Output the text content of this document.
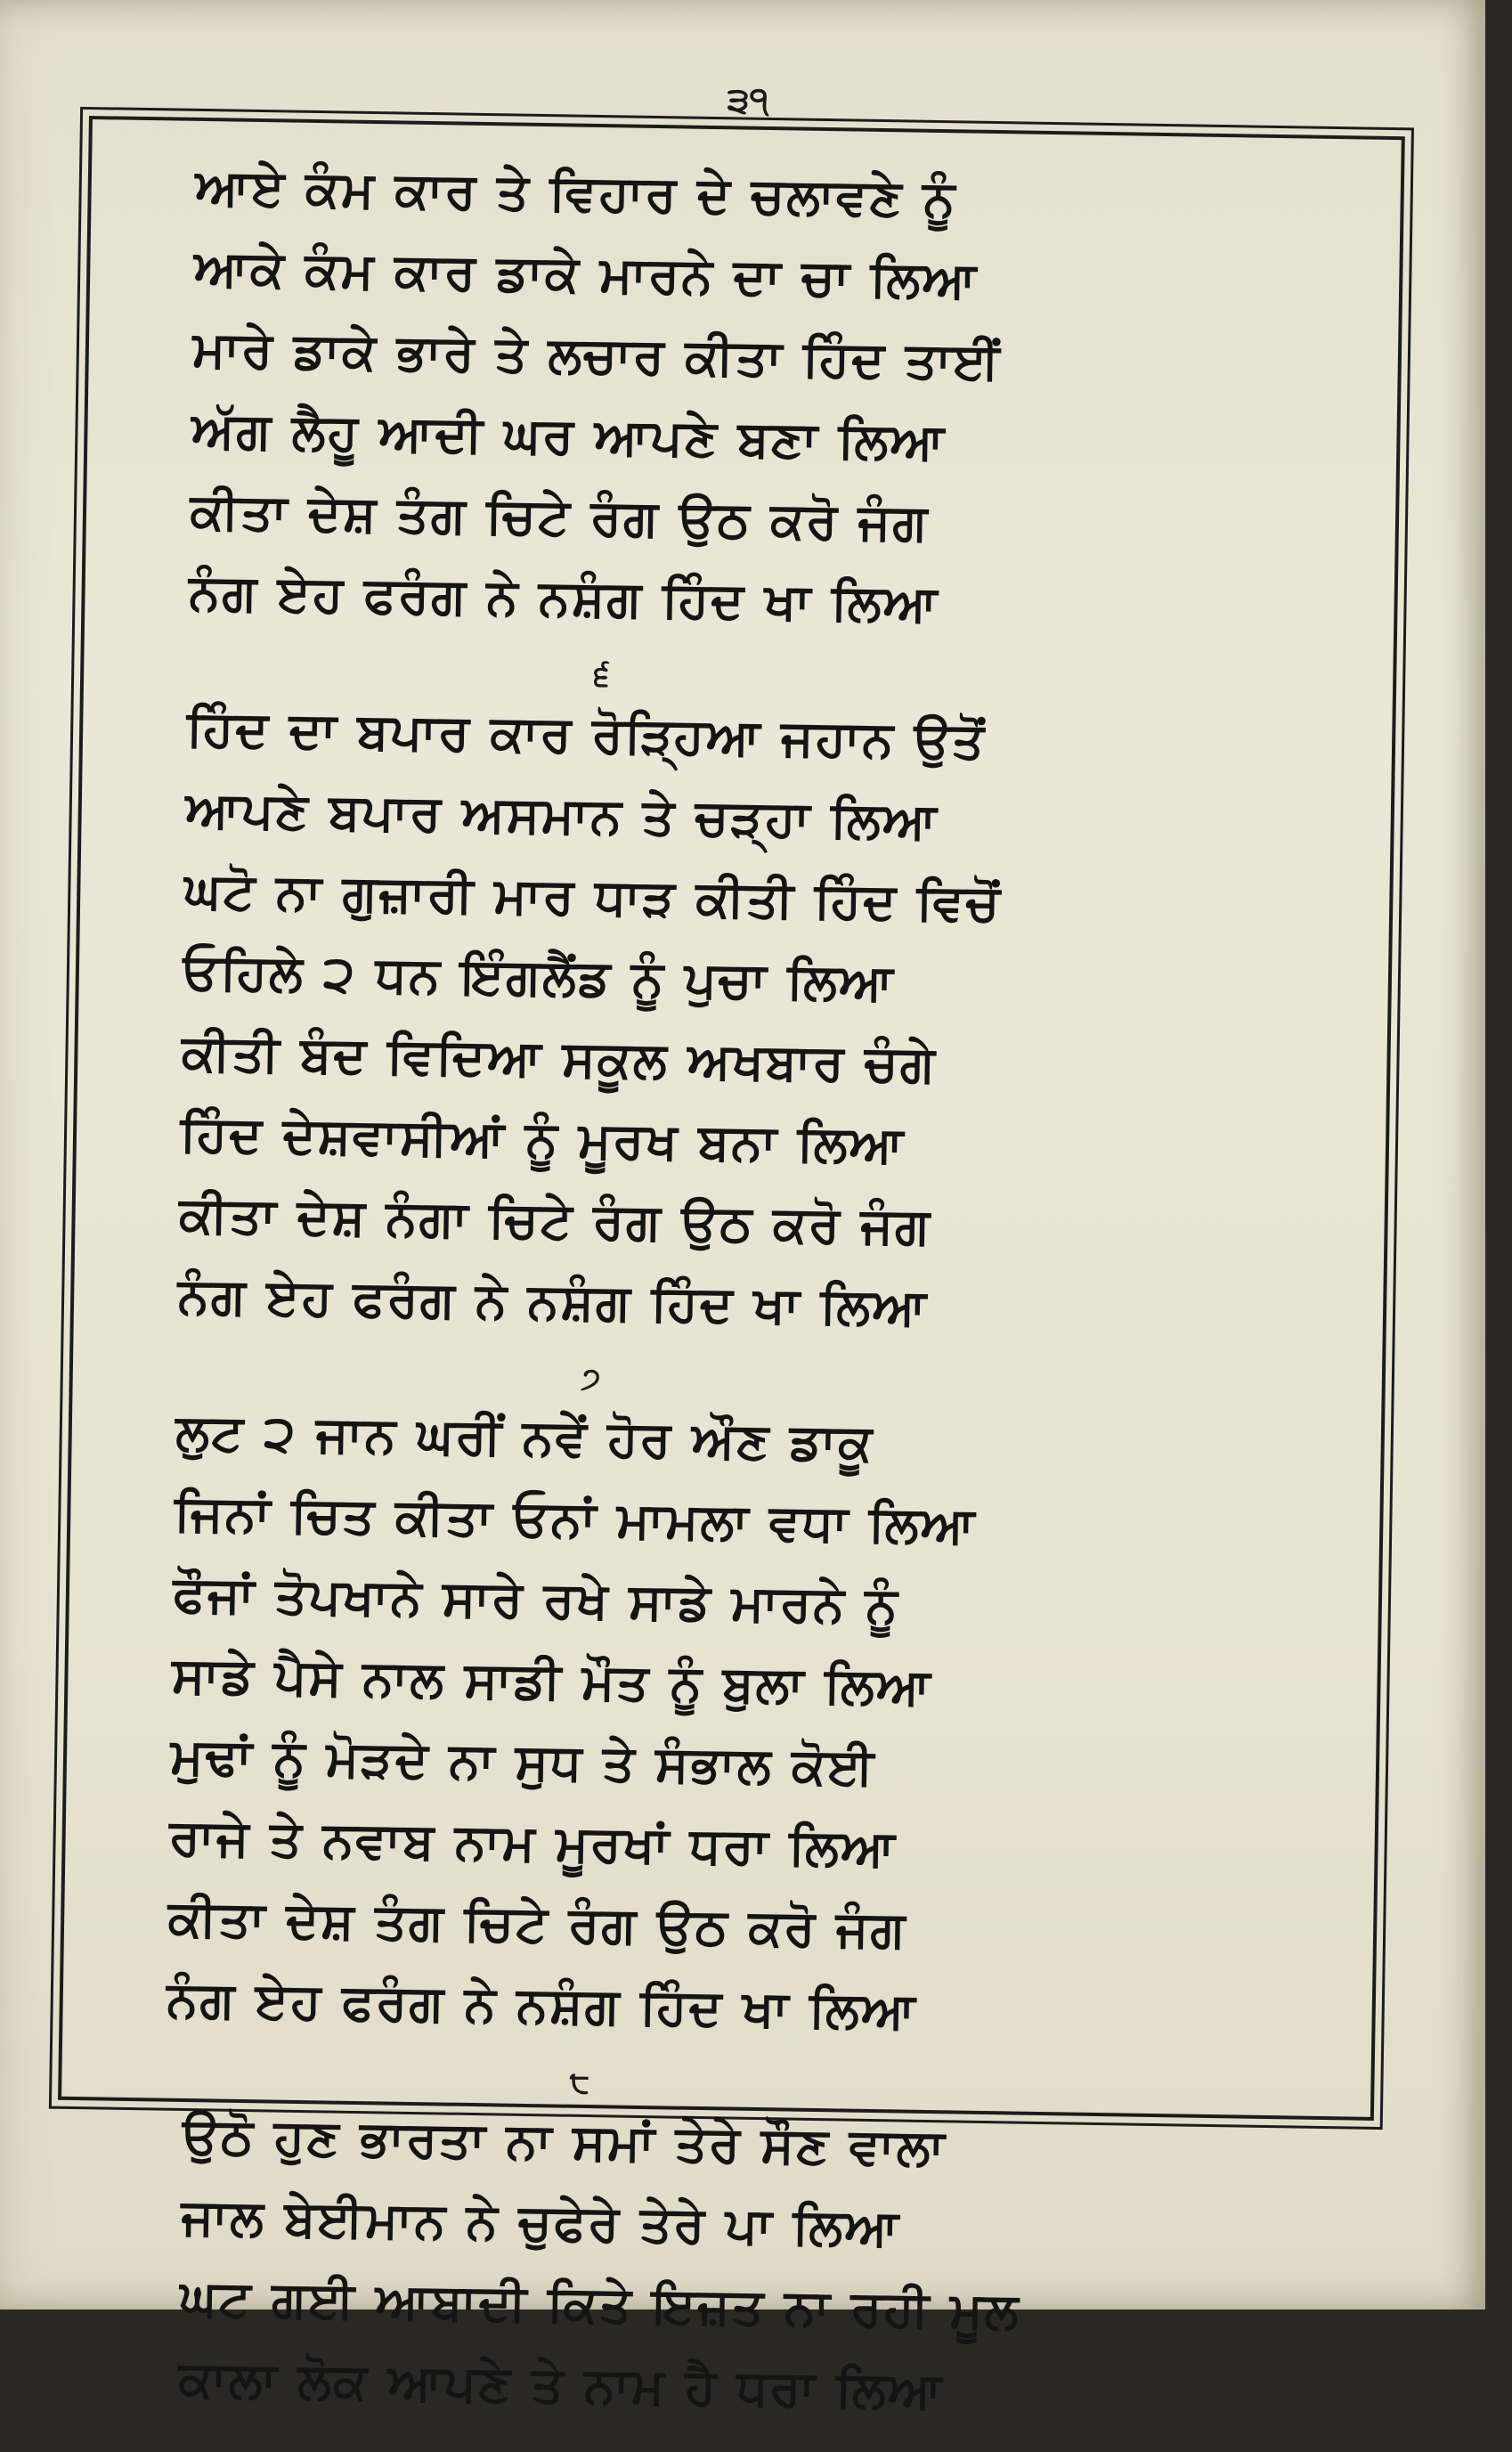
੩੧
ਆਏ ਕੰਮ ਕਾਰ ਤੇ ਵਿਹਾਰ ਦੇ ਚਲਾਵਣੇ ਨੂੰ
ਆਕੇ ਕੰਮ ਕਾਰ ਡਾਕੇ ਮਾਰਨੇ ਦਾ ਚਾ ਲਿਆ
ਮਾਰੇ ਡਾਕੇ ਭਾਰੇ ਤੇ ਲਚਾਰ ਕੀਤਾ ਹਿੰਦ ਤਾਈਂ
ਅੱਗ ਲੈਹੂ ਆਦੀ ਘਰ ਆਪਣੇ ਬਣਾ ਲਿਆ
ਕੀਤਾ ਦੇਸ਼ ਤੰਗ ਚਿਟੇ ਰੰਗ ਉਠ ਕਰੋ ਜੰਗ
ਨੰਗ ਏਹ ਫਰੰਗ ਨੇ ਨਸ਼ੰਗ ਹਿੰਦ ਖਾ ਲਿਆ
੬
ਹਿੰਦ ਦਾ ਬਪਾਰ ਕਾਰ ਰੋੜ੍ਹਿਆ ਜਹਾਨ ਉਤੋਂ
ਆਪਣੇ ਬਪਾਰ ਅਸਮਾਨ ਤੇ ਚੜ੍ਹਾ ਲਿਆ
ਘਟੋ ਨਾ ਗੁਜ਼ਾਰੀ ਮਾਰ ਧਾੜ ਕੀਤੀ ਹਿੰਦ ਵਿਚੋਂ
ਓਹਿਲੇ ੨ ਧਨ ਇੰਗਲੈਂਡ ਨੂੰ ਪੁਚਾ ਲਿਆ
ਕੀਤੀ ਬੰਦ ਵਿਦਿਆ ਸਕੂਲ ਅਖਬਾਰ ਚੰਗੇ
ਹਿੰਦ ਦੇਸ਼ਵਾਸੀਆਂ ਨੂੰ ਮੂਰਖ ਬਨਾ ਲਿਆ
ਕੀਤਾ ਦੇਸ਼ ਨੰਗਾ ਚਿਟੇ ਰੰਗ ਉਠ ਕਰੋ ਜੰਗ
ਨੰਗ ਏਹ ਫਰੰਗ ਨੇ ਨਸ਼ੰਗ ਹਿੰਦ ਖਾ ਲਿਆ
੭
ਲੁਟ ੨ ਜਾਨ ਘਰੀਂ ਨਵੇਂ ਹੋਰ ਔਣ ਡਾਕੂ
ਜਿਨਾਂ ਚਿਤ ਕੀਤਾ ਓਨਾਂ ਮਾਮਲਾ ਵਧਾ ਲਿਆ
ਫੌਜਾਂ ਤੋਪਖਾਨੇ ਸਾਰੇ ਰਖੇ ਸਾਡੇ ਮਾਰਨੇ ਨੂੰ
ਸਾਡੇ ਪੈਸੇ ਨਾਲ ਸਾਡੀ ਮੌਤ ਨੂੰ ਬੁਲਾ ਲਿਆ
ਮੁਢਾਂ ਨੂੰ ਮੋੜਦੇ ਨਾ ਸੁਧ ਤੇ ਸੰਭਾਲ ਕੋਈ
ਰਾਜੇ ਤੇ ਨਵਾਬ ਨਾਮ ਮੂਰਖਾਂ ਧਰਾ ਲਿਆ
ਕੀਤਾ ਦੇਸ਼ ਤੰਗ ਚਿਟੇ ਰੰਗ ਉਠ ਕਰੋ ਜੰਗ
ਨੰਗ ਏਹ ਫਰੰਗ ਨੇ ਨਸ਼ੰਗ ਹਿੰਦ ਖਾ ਲਿਆ
੮
ਉਠੋ ਹੁਣ ਭਾਰਤਾ ਨਾ ਸਮਾਂ ਤੇਰੇ ਸੌਣ ਵਾਲਾ
ਜਾਲ ਬੇਈਮਾਨ ਨੇ ਚੁਫੇਰੇ ਤੇਰੇ ਪਾ ਲਿਆ
ਘਟ ਗਈ ਆਬਾਦੀ ਕਿਤੇ ਇਜ਼ਤ ਨਾ ਰਹੀ ਮੂਲ
ਕਾਲਾ ਲੋਕ ਆਪਣੇ ਤੇ ਨਾਮ ਹੈ ਧਰਾ ਲਿਆ
